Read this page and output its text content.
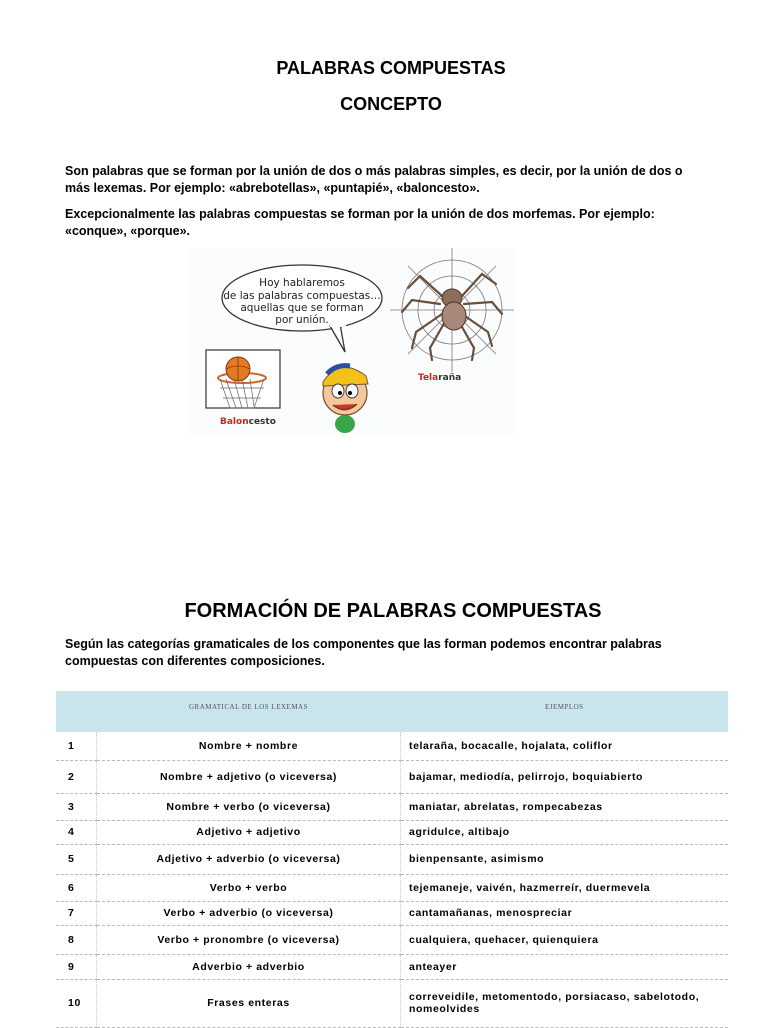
PALABRAS COMPUESTAS
CONCEPTO
Son palabras que se forman por la unión de dos o más palabras simples, es decir, por la unión de dos o más lexemas. Por ejemplo: «abrebotellas», «puntapié», «baloncesto».
Excepcionalmente las palabras compuestas se forman por la unión de dos morfemas. Por ejemplo: «conque», «porque».
Hoy hablaremos
de las palabras compuestas…
aquellas que se forman
por unión.
Baloncesto
Telaraña
FORMACIÓN DE PALABRAS COMPUESTAS
Según las categorías gramaticales de los componentes que las forman podemos encontrar palabras compuestas con diferentes composiciones.
	GRAMATICAL DE LOS LEXEMAS	EJEMPLOS
1	Nombre + nombre	telaraña, bocacalle, hojalata, coliflor
2	Nombre + adjetivo (o viceversa)	bajamar, mediodía, pelirrojo, boquiabierto
3	Nombre + verbo (o viceversa)	maniatar, abrelatas, rompecabezas
4	Adjetivo + adjetivo	agridulce, altibajo
5	Adjetivo + adverbio (o viceversa)	bienpensante, asimismo
6	Verbo + verbo	tejemaneje, vaivén, hazmerreír, duermevela
7	Verbo + adverbio (o viceversa)	cantamañanas, menospreciar
8	Verbo + pronombre (o viceversa)	cualquiera, quehacer, quienquiera
9	Adverbio + adverbio	anteayer
10	Frases enteras	correveidile, metomentodo, porsiacaso, sabelotodo, nomeolvides
